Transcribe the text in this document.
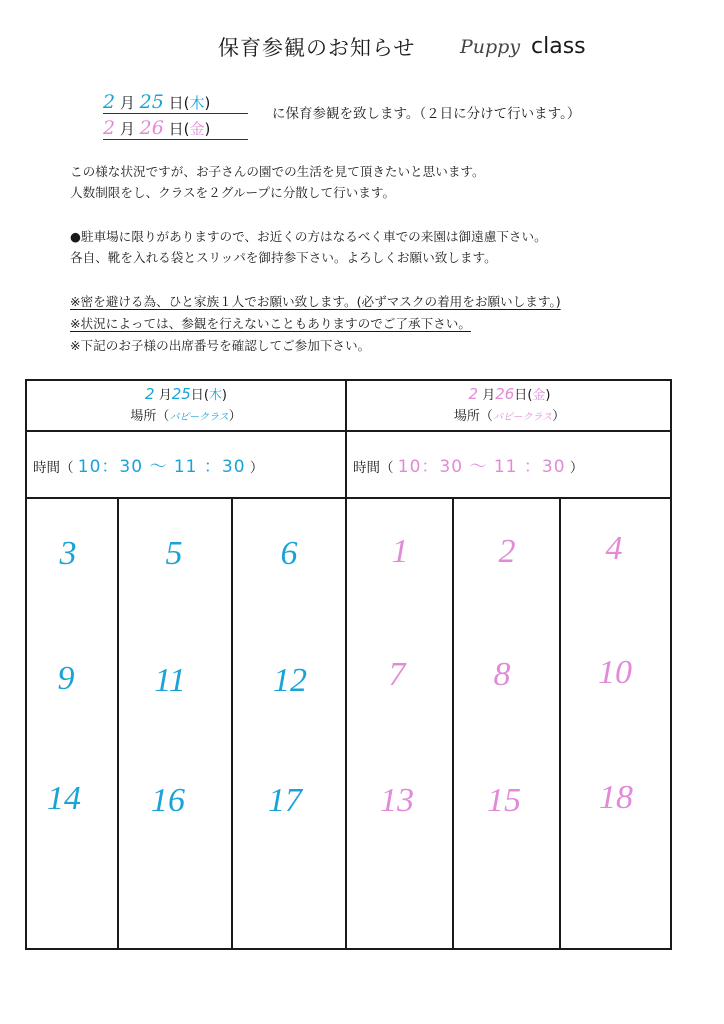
保育参観のお知らせ Puppy class
2 月 25 日(木)
2 月 26 日(金)
に保育参観を致します。（２日に分けて行います。）
この様な状況ですが、お子さんの園での生活を見て頂きたいと思います。
人数制限をし、クラスを２グループに分散して行います。
●駐車場に限りがありますので、お近くの方はなるべく車での来園は御遠慮下さい。
各自、靴を入れる袋とスリッパを御持参下さい。よろしくお願い致します。
※密を避ける為、ひと家族１人でお願い致します。(必ずマスクの着用をお願いします。)
※状況によっては、参観を行えないこともありますのでご了承下さい。
※下記のお子様の出席番号を確認してご参加下さい。
2 月25日(木)
場所（パピークラス）
時間（ 10：30 ～ 11 ：30 ）
2 月26日(金)
場所（パピークラス）
時間（ 10：30 ～ 11 ：30 ）
3	5	6
9	11	12
14 16 17
1	2	4
7	8	10
13 15 18
